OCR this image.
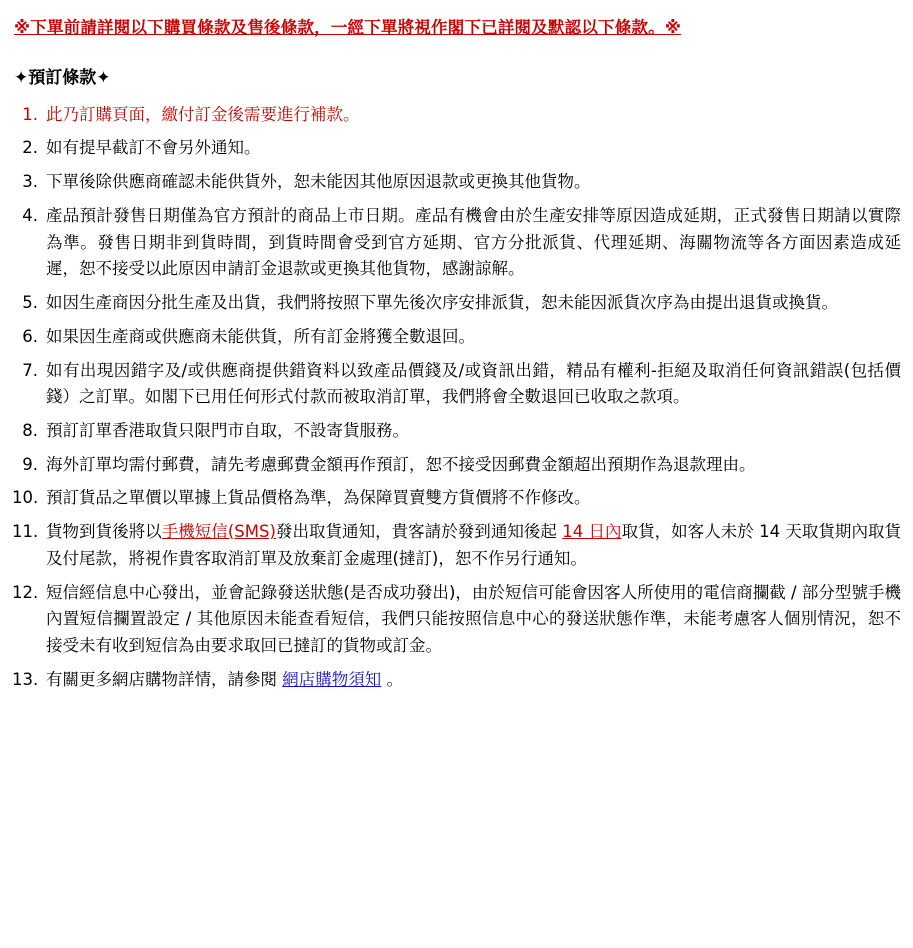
※下單前請詳閱以下購買條款及售後條款，一經下單將視作閣下已詳閱及默認以下條款。※
✦預訂條款✦
1. 此乃訂購頁面，繳付訂金後需要進行補款。
2. 如有提早截訂不會另外通知。
3. 下單後除供應商確認未能供貨外，恕未能因其他原因退款或更換其他貨物。
4. 產品預計發售日期僅為官方預計的商品上市日期。產品有機會由於生產安排等原因造成延期，正式發售日期請以實際為準。發售日期非到貨時間，到貨時間會受到官方延期、官方分批派貨、代理延期、海關物流等各方面因素造成延遲，恕不接受以此原因申請訂金退款或更換其他貨物，感謝諒解。
5. 如因生產商因分批生產及出貨，我們將按照下單先後次序安排派貨，恕未能因派貨次序為由提出退貨或換貨。
6. 如果因生產商或供應商未能供貨，所有訂金將獲全數退回。
7. 如有出現因錯字及/或供應商提供錯資料以致產品價錢及/或資訊出錯，精品有權利-拒絕及取消任何資訊錯誤(包括價錢）之訂單。如閣下已用任何形式付款而被取消訂單，我們將會全數退回已收取之款項。
8. 預訂訂單香港取貨只限門市自取，不設寄貨服務。
9. 海外訂單均需付郵費，請先考慮郵費金額再作預訂，恕不接受因郵費金額超出預期作為退款理由。
10. 預訂貨品之單價以單據上貨品價格為準，為保障買賣雙方貨價將不作修改。
11. 貨物到貨後將以手機短信(SMS)發出取貨通知，貴客請於發到通知後起 14 日內取貨，如客人未於 14 天取貨期內取貨及付尾款，將視作貴客取消訂單及放棄訂金處理(撻訂)，恕不作另行通知。
12. 短信經信息中心發出，並會記錄發送狀態(是否成功發出)，由於短信可能會因客人所使用的電信商攔截 / 部分型號手機內置短信攔置設定 / 其他原因未能查看短信，我們只能按照信息中心的發送狀態作準，未能考慮客人個別情況，恕不接受未有收到短信為由要求取回已撻訂的貨物或訂金。
13. 有關更多網店購物詳情，請參閱 網店購物須知 。
